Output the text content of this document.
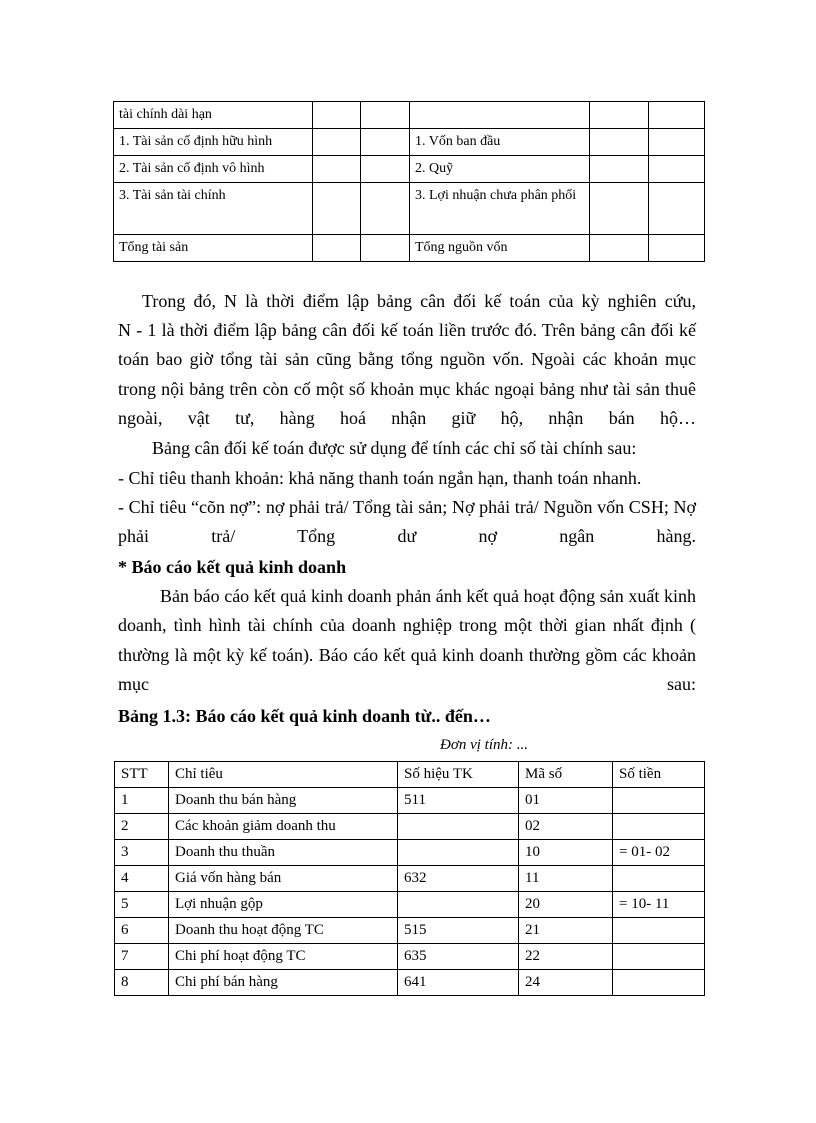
tài chính dài hạn					
1. Tài sản cố định hữu hình			1. Vốn ban đầu		
2. Tài sản cố định vô hình			2. Quỹ		
3. Tài sản tài chính			3. Lợi nhuận chưa phân phối		
Tổng tài sản			Tổng nguồn vốn		

Trong đó, N là thời điểm lập bảng cân đối kế toán của kỳ nghiên cứu,

N - 1 là thời điểm lập bảng cân đối kế toán liền trước đó. Trên bảng cân đối kế toán bao giờ tổng tài sản cũng bằng tổng nguồn vốn. Ngoài các khoản mục trong nội bảng trên còn cố một số khoản mục khác ngoại bảng như tài sản thuê ngoài, vật tư, hàng hoá nhận giữ hộ, nhận bán hộ…

Bảng cân đối kế toán được sử dụng để tính các chỉ số tài chính sau:

- Chỉ tiêu thanh khoản: khả năng thanh toán ngắn hạn, thanh toán nhanh.

- Chỉ tiêu “cõn nợ”: nợ phải trả/ Tổng tài sản; Nợ phải trả/ Nguồn vốn CSH; Nợ phải trả/ Tổng dư nợ ngân hàng.

* Báo cáo kết quả kinh doanh

Bản báo cáo kết quả kinh doanh phản ánh kết quả hoạt động sản xuất kinh doanh, tình hình tài chính của doanh nghiệp trong một thời gian nhất định ( thường là một kỳ kế toán). Báo cáo kết quả kinh doanh thường gồm các khoản mục sau:

Bảng 1.3: Báo cáo kết quả kinh doanh từ.. đến…

Đơn vị tính: ...
STT	Chỉ tiêu	Số hiệu TK	Mã số	Số tiền
1	Doanh thu bán hàng	511	01	
2	Các khoản giảm doanh thu		02	
3	Doanh thu thuần		10	= 01- 02
4	Giá vốn hàng bán	632	11	
5	Lợi nhuận gộp		20	= 10- 11
6	Doanh thu hoạt động TC	515	21	
7	Chi phí hoạt động TC	635	22	
8	Chi phí bán hàng	641	24	
